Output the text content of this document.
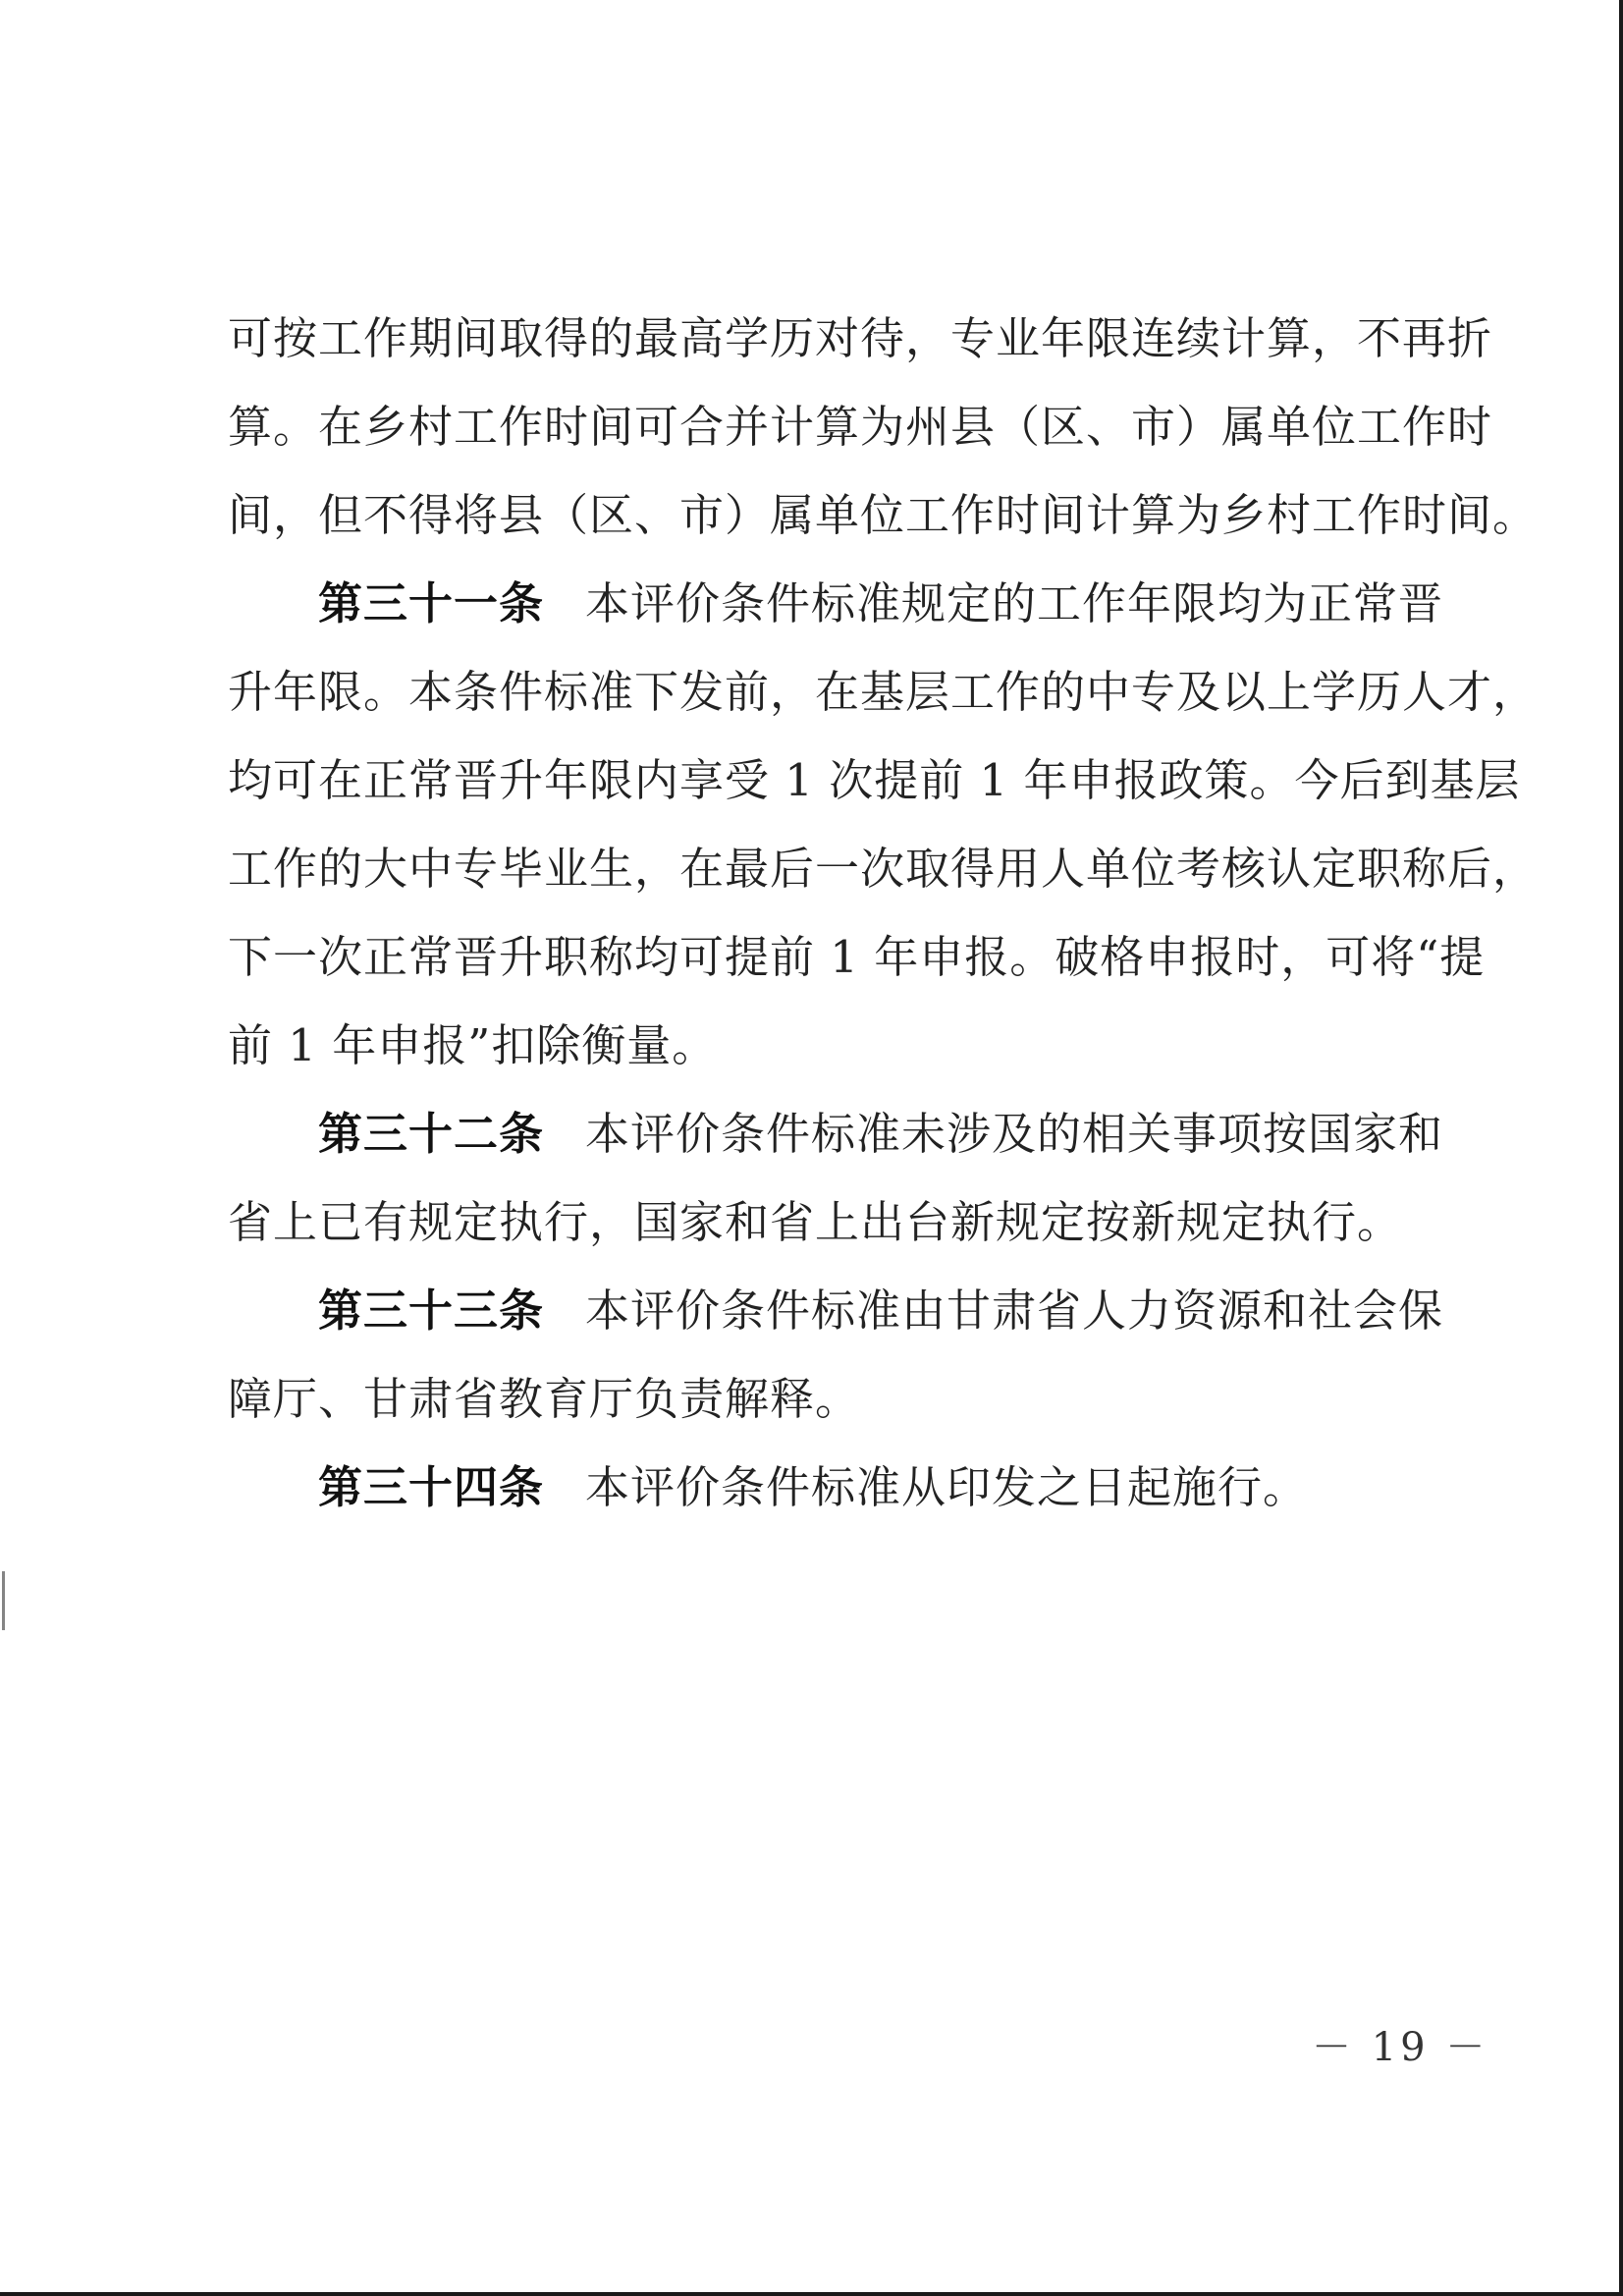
可按工作期间取得的最高学历对待，专业年限连续计算，不再折
算。在乡村工作时间可合并计算为州县（区、市）属单位工作时
间，但不得将县（区、市）属单位工作时间计算为乡村工作时间。
第三十一条 本评价条件标准规定的工作年限均为正常晋
升年限。本条件标准下发前，在基层工作的中专及以上学历人才，
均可在正常晋升年限内享受 1 次提前 1 年申报政策。今后到基层
工作的大中专毕业生，在最后一次取得用人单位考核认定职称后，
下一次正常晋升职称均可提前 1 年申报。破格申报时，可将“提
前 1 年申报”扣除衡量。
第三十二条 本评价条件标准未涉及的相关事项按国家和
省上已有规定执行，国家和省上出台新规定按新规定执行。
第三十三条 本评价条件标准由甘肃省人力资源和社会保
障厅、甘肃省教育厅负责解释。
第三十四条 本评价条件标准从印发之日起施行。
－ 19 －
